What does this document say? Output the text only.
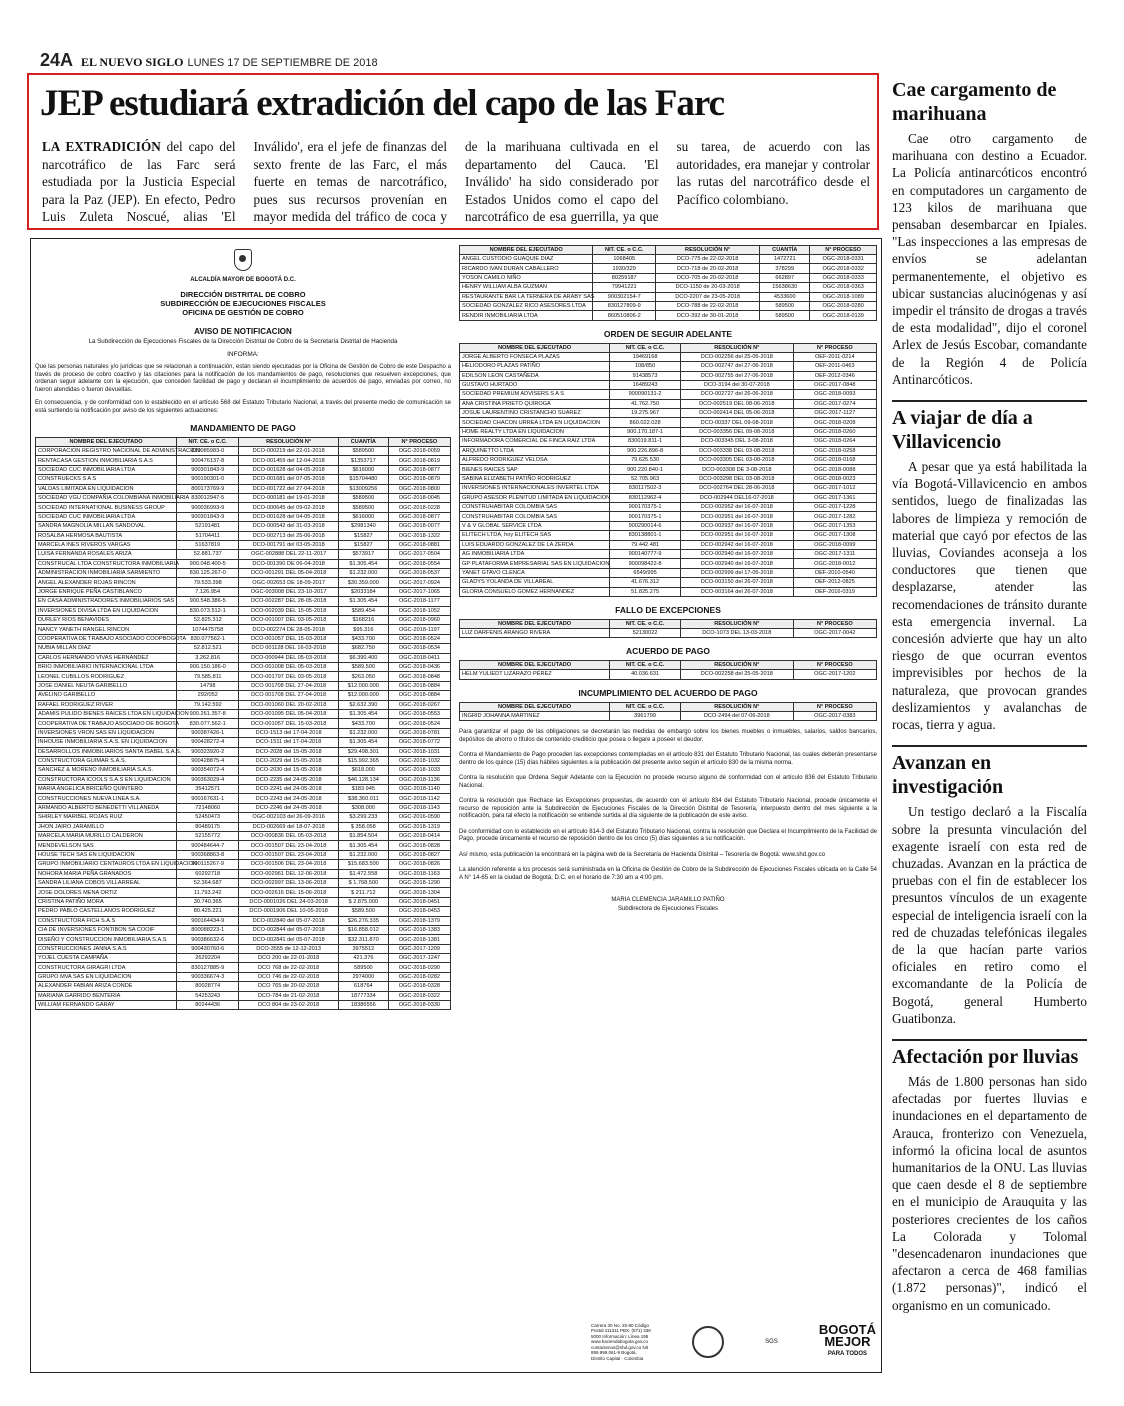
24A EL NUEVO SIGLO LUNES 17 DE SEPTIEMBRE DE 2018
JEP estudiará extradición del capo de las Farc
LA EXTRADICIÓN del capo del narcotráfico de las Farc será estudiada por la Justicia Especial para la Paz (JEP). En efecto, Pedro Luis Zuleta Noscué, alias 'El Inválido', era el jefe de finanzas del sexto frente de las Farc, el más fuerte en temas de narcotráfico, pues sus recursos provenían en mayor medida del tráfico de coca y de la marihuana cultivada en el departamento del Cauca. 'El Inválido' ha sido considerado por Estados Unidos como el capo del narcotráfico de esa guerrilla, ya que su tarea, de acuerdo con las autoridades, era manejar y controlar las rutas del narcotráfico desde el Pacífico colombiano.
Cae cargamento de marihuana

Cae otro cargamento de marihuana con destino a Ecuador. La Policía antinarcóticos encontró en computadores un cargamento de 123 kilos de marihuana que pensaban desembarcar en Ipiales. "Las inspecciones a las empresas de envíos se adelantan permanentemente, el objetivo es ubicar sustancias alucinógenas y así impedir el tránsito de drogas a través de esta modalidad", dijo el coronel Arlex de Jesús Escobar, comandante de la Región 4 de Policía Antinarcóticos.

A viajar de día a Villavicencio

A pesar que ya está habilitada la vía Bogotá-Villavicencio en ambos sentidos, luego de finalizadas las labores de limpieza y remoción de material que cayó por efectos de las lluvias, Coviandes aconseja a los conductores que tienen que desplazarse, atender las recomendaciones de tránsito durante esta emergencia invernal. La concesión advierte que hay un alto riesgo de que ocurran eventos imprevisibles por hechos de la naturaleza, que provocan grandes deslizamientos y avalanchas de rocas, tierra y agua.

Avanzan en investigación

Un testigo declaró a la Fiscalía sobre la presunta vinculación del exagente israelí con esta red de chuzadas. Avanzan en la práctica de pruebas con el fin de establecer los presuntos vínculos de un exagente especial de inteligencia israelí con la red de chuzadas telefónicas ilegales de la que hacían parte varios oficiales en retiro como el excomandante de la Policía de Bogotá, general Humberto Guatibonza.

Afectación por lluvias

Más de 1.800 personas han sido afectadas por fuertes lluvias e inundaciones en el departamento de Arauca, fronterizo con Venezuela, informó la oficina local de asuntos humanitarios de la ONU. Las lluvias que caen desde el 8 de septiembre en el municipio de Arauquita y las posteriores crecientes de los caños La Colorada y Tolomal "desencadenaron inundaciones que afectaron a cerca de 468 familias (1.872 personas)", indicó el organismo en un comunicado.

ALCALDÍA MAYOR DE BOGOTÁ D.C.
DIRECCIÓN DISTRITAL DE COBRO
SUBDIRECCIÓN DE EJECUCIONES FISCALES
OFICINA DE GESTIÓN DE COBRO
AVISO DE NOTIFICACION
La Subdirección de Ejecuciones Fiscales de la Dirección Distrital de Cobro de la Secretaría Distrital de Hacienda
INFORMA:
Que las personas naturales y/o jurídicas que se relacionan a continuación, están siendo ejecutadas por la Oficina de Gestión de Cobro de este Despacho a través de proceso de cobro coactivo y las citaciones para la notificación de los mandamientos de pago, resoluciones que resuelven excepciones, que ordenan seguir adelante con la ejecución, que conceden facilidad de pago y declaran el incumplimiento de acuerdos de pago, enviadas por correo, no fueron atendidas o fueron devueltas.
En consecuencia, y de conformidad con lo establecido en el artículo 568 del Estatuto Tributario Nacional, a través del presente medio de comunicación se está surtiendo la notificación por aviso de los siguientes actuaciones:
MANDAMIENTO DE PAGO
NOMBRE DEL EJECUTADO	NIT. CE. o C.C.	RESOLUCIÓN N°	CUANTÍA	N° PROCESO
CORPORACION REGISTRO NACIONAL DE ADMINISTRACION	830085983-0	DCO-000219 del 22-01-2018	$589500	OGC-2018-0059
RENTACASA GESTION INMOBILIARIA S.A.S	900476137-8	DCO-001459 del 12-04-2018	$1353717	OGC-2018-0819
SOCIEDAD CUC INMOBILIARIA LTDA	900301843-9	DCO-001628 del 04-05-2018	$616000	OGC-2018-0877
CONSTRUECKS S A S	900190301-0	DCO-001681 del 07-05-2018	$15704480	OGC-2018-0879
VALDAS LIMITADA EN LIQUIDACION	800173769-9	DCO-001722 del 27-04-2018	$13009256	OGC-2018-0800
SOCIEDAD VGU COMPAÑIA COLOMBIANA INMOBILIARIA	830012947-5	DCO-000181 del 19-01-2018	$589500	OGC-2018-0045
SOCIEDAD INTERNATIONAL BUSINESS GROUP	900036993-9	DCO-000645 del 09-02-2018	$589500	OGC-2018-0228
SOCIEDAD CUC INMOBILIARIA LTDA	900301843-9	DCO-001628 del 04-05-2018	$616000	OGC-2018-0877
SANDRA MAGNOLIA MILLAN SANDOVAL	52191481	DCO-000542 del 31-03-2018	$2981340	OGC-2018-0077
ROSALBA HERMOSA BAUTISTA	51704411	DCO-002713 del 25-06-2018	$15827	OGC-2018-1322
MARCELA INES RIVEROS VARGAS	51637819	DCO-001791 del 03-05-2018	$15827	OGC-2018-0881
LUISA FERNANDA ROSALES ARIZA	52.881.737	OGC-002888 DEL 22-11-2017	$573917	OGC-2017-0504
CONSTRUCAL LTDA CONSTRUCTORA INMOBILIARIA	900.048.400-5	DCO-001390 DE 06-04-2018	$1.305.454	OGC-2018-0554
ADMINISTRACION INMOBILIARIA SARMIENTO	830.125.267-0	DCO-001291 DEL 05-04-2018	$1.232.000	OGC-2018-0537
ANGEL ALEXANDER ROJAS RINCON	79.533.398	OGC-002653 DE 18-09-2017	$30.359.000	OGC-2017-0924
JORGE ENRIQUE PEÑA CASTIBLANCO	7.126.954	OGC-003008 DEL 23-10-2017	$2033184	OGC-2017-1065
EN CASA ADMINISTRADORES INMOBILIARIOS SAS	900.548.386-5	DCO-002287 DEL 28-05-2018	$1.305.454	OGC-2018-1177
INVERSIONES DIVISA LTDA EN LIQUIDACION	830.073.512-1	DCO-002039 DEL 15-05-2018	$589.454	OGC-2018-1052
DURLEY RIOS BENAVIDES	52.825.312	DCO-001007 DEL 03-05-2018	$168216	OGC-2018-0960
NANCY YANETH RANGEL RINCON	1074475758	DCO-002274 DE 28-05-2018	$95.316	OGC-2018-1197
COOPERATIVA DE TRABAJO ASOCIADO COOPBOGOTA	830.077562-1	DCO-001057 DEL 15-03-2018	$433.700	OGC-2018-0524
NUBIA MILLAN DIAZ	52.812.521	DCO 001128 DEL 16-03-2018	$682.750	OGC-2018-0534
CARLOS HERNANDO VIVAS HERNANDEZ	3.262.816	DCO-000944 DEL 05-03-2018	$6.390.400	OGC-2018-0411
BRIO INMOBILIARIO INTERNACIONAL LTDA	900.150.186-0	DCO-001008 DEL 05-03-2018	$589.500	OGC-2018-0436
LEONEL CUBILLOS RODRIGUEZ	79.585.811	DCO-001797 DEL 03-05-2018	$263.050	OGC-2018-0848
JOSE DANIEL NEUTA GARIBELLO	14798	DCO 001708 DEL 27-04-2018	$12.000.000	OGC-2018-0884
AVELINO GARIBELLO	292/052	DCO 001708 DEL 27-04-2018	$12.000.000	OGC-2018-0884
RAFAEL RODRIGUEZ RIVER	79.142.592	DCO-001060 DEL 20-02-2018	$2.632.390	OGC-2018-0267
ADAMIS PULIDO BIENES RAICES LTDA EN LIQUIDACION	900.261.357-8	DCO-001095 DEL 05-04-2018	$1.305.454	OGC-2018-0553
COOPERATIVA DE TRABAJO ASOCIADO DE BOGOTA	830.077.562-1	DCO-001057 DEL 15-03-2018	$433.700	OGC-2018-0524
INVERSIONES VRON SAS EN LIQUIDACION	900387426-1	DCO-1513 del 17-04-2018	$1.232.000	OGC-2018-0781
INHOUSE INMOBILIARIA S.A.S. EN LIQUIDACION	900428272-4	DCO-1511 del 17-04-2018	$1.305.454	OGC-2018-0772
DESARROLLOS INMOBILIARIOS SANTA ISABEL S.A.S.	900323920-2	DCO-2028 del 15-05-2018	$29.498.301	OGC-2018-1031
CONSTRUCTORA GUIMAR S.A.S.	900428875-4	DCO-2029 del 15-05-2018	$15.992.365	OGC-2018-1032
SANCHEZ & MORENO INMOBILIARIA S.A.S.	900354072-4	DCO-2030 del 15-05-2018	$618.000	OGC-2018-1033
CONSTRUCTORA ICOOLS S.A.S EN LIQUIDACION	900363029-4	DCO-2235 del 24-05-2018	$46.128.134	OGC-2018-1136
MARIA ANGELICA BRICEÑO QUINTERO	35412571	DCO-2241 del 24-05-2018	$183.945	OGC-2018-1140
CONSTRUCCIONES NUEVA LINEA S.A.	900167631-1	DCO-2243 del 24-05-2018	$38.360.011	OGC-2018-1142
ARMANDO ALBERTO BENEDETTI VILLANEDA	72148060	DCO-2246 del 24-05-2018	$308.000	OGC-2018-1143
SHIRLEY MARIBEL ROJAS RUIZ	52450473	OGC-002103 del 26-09-2016	$3.299.233	OGC-2016-0590
JHON JAIRO JARAMILLO	80489175	DCO-002669 del 18-07-2018	$ 358.058	OGC-2018-1319
MARCELA MARIA MURILLO CALDERON	52155772	DCO-000836 DEL 05-03-2018	$1.854.504	OGC-2018-0414
MENDEVELSON SAS	900484644-7	DCO-001507 DEL 23-04-2018	$1.305.454	OGC-2018-0828
HOUSE TECH SAS EN LIQUIDACION	900368863-8	DCO-001507 DEL 23-04-2018	$1.232.000	OGC-2018-0827
GRUPO INMOBILIARIO CENTAUROS LTDA EN LIQUIDACION	900115267-9	DCO-001506 DEL 23-04-2018	$15.683.500	OGC-2018-0826
NOHORA MARIA PEÑA GRANADOS	60292718	DCO-002961 DEL 12-06-2018	$1.472.558	OGC-2018-1163
SANDRA LILIANA COBOS VILLARREAL	52.364.687	DCO-002997 DEL 13-06-2018	$ 1.768.500	OGC-2018-1290
JOSE DOLORES MENA ORTIZ	11.793.242	DCO-002616 DEL 15-06-2018	$ 211.712	OGC-2018-1304
CRISTINA PATIÑO MORA	30.740.365	DCO-0001026 DEL 24-03-2018	$ 2.875.000	OGC-2018-0451
PEDRO PABLO CASTELLANOS RODRIGUEZ	80.425.221	DCO-0001906 DEL 10-05-2018	$589.500	OGC-2018-0453
CONSTRUCTORA FICH S.A.S	900164434-9	DCO-002840 del 05-07-2018	$26.276.335	OGC-2018-1379
CIA DE INVERSIONES FONTIBON SA COOIF	800088223-1	DCO-002844 del 05-07-2018	$16.858.012	OGC-2018-1383
DISEÑO Y CONSTRUCCION INMOBILIARIA S.A.S	900386632-6	DCO-002841 del 05-07-2018	$32.311.870	OGC-2018-1381
CONSTRUCCIONES JANNA S.A.S	900430760-6	DCO-3555 de 12-12-2013	3975512	OGC-2017-1209
YOJEL CUESTA CAMPAÑA	26292204	DCO 200 de 22-01-2018	421.376	OGC-2017-1247
CONSTRUCTORA GIRAGRI LTDA	830127885-9	DCO 768 de 22-02-2018	589500	OGC-2018-0290
GRUPO MVA SAS EN LIQUIDACION	900336674-3	DCO 746 de 22-02-2018	2974000	OGC-2018-0282
ALEXANDER FABIAN ARIZA CONDE	80028774	DCO 765 de 20-02-2018	618764	OGC-2018-0328
MARIANA GARRIDO BENTERIA	54253243	DCO-784 de 21-02-2018	18777334	OGC-2018-0322
WILLIAM FERNANDO GARAY	80244436	DCO 804 de 23-02-2018	18386556	OGC-2018-0330
NOMBRE DEL EJECUTADO	NIT. CE. o C.C.	RESOLUCIÓN N°	CUANTÍA	N° PROCESO
ANGEL CUSTODIO GUAQUIE DIAZ	1068405	DCO-775 de 22-02-2018	1472721	OGC-2018-0331
RICARDO IVAN DURAN CABALLERO	1930/329	DCO-718 de 20-02-2018	378299	OGC-2018-0332
YOSON CAMILO NIÑO	80259187	DCO-705 de 20-02-2018	662897	OGC-2018-0333
HENRY WILLIAM ALBA GUZMAN	79941221	DCO-1150 de 20-03-2018	15638630	OGC-2018-0363
RESTAURANTE BAR LA TERNERA DE ARABY SAS	900302154-7	DCO-2207 de 23-05-2018	4533600	OGC-2018-1089
SOCIEDAD GONZALEZ RICO ASESORES LTDA	830127809-9	DCO-788 de 22-02-2018	589500	OGC-2018-0280
RENDIR INMOBILIARIA LTDA	860510806-2	DCO-392 de 30-01-2018	589500	OGC-2018-0139
ORDEN DE SEGUIR ADELANTE
NOMBRE DEL EJECUTADO	NIT. CE. o C.C.	RESOLUCIÓN N°	N° PROCESO
JORGE ALBERTO FONSECA PLAZAS	19469168	DCO-002256 del 25-05-2018	OEF-2011-0214
HELIODORO PLAZAS PATIÑO	108/850	DCO-002747 del 27-06-2018	OEF-2011-0463
EDILSON LEON CASTAÑEDA	91438573	DCO-002755 del 27-06-2018	OEF-2012-0346
GUSTAVO HURTADO	16489243	DCO-3194 del 30-07-2018	OGC-2017-0848
SOCIEDAD PREMIUM ADVISERS S A S	900090131-2	DCO-002727 del 26-06-2018	OGC-2018-0093
ANA CRISTINA PRIETO QUIROGA	41.762.750	DCO-002519 DEL 08-06-2018	OGC-2017-0274
JOSUE LAURENTINO CRISTANCHO SUAREZ	19.275.967	DCO-002414 DEL 05-06-2018	OGC-2017-1127
SOCIEDAD CHACON URREA LTDA EN LIQUIDACION	860.022.028	DCO-00337 DEL 09-08-2018	OGC-2018-0208
HOME REALTY LTDA EN LIQUIDACION	900.170.187-1	DCO-003356 DEL 09-08-2018	OGC-2018-0260
INFORMADORA COMERCIAL DE FINCA RAIZ LTDA	830019.811-1	DCO-003345 DEL 3-08-2018	OGC-2018-0264
ARQUINETTO LTDA	900.226.896-8	DCO-003338 DEL 03-08-2018	OGC-2018-0258
ALFREDO RODRIGUEZ VELOSA	79.625.530	DCO-003305 DEL 03-08-2018	OGC-2018-0168
BIENES RAICES SAP	900.220.840-1	DCO-003308 DE 3-08-2018	OGC-2018-0088
SABINA ELIZABETH PATIÑO RODRIGUEZ	52.705.963	DCO-003298 DEL 03-08-2018	OGC-2018-0023
INVERSIONES INTERNACIONALES INVERTEL LTDA	830117502-3	DCO-002764 DEL 28-06-2018	OGC-2017-1012
GRUPO ASESOR PLENITUD LIMITADA EN LIQUIDACION	830112962-4	DCO-002944 DEL16-07-2018	OGC-2017-1361
CONSTRUHABITAR COLOMBIA SAS	900170375-1	DCO-002952 del 16-07-2018	OGC-2017-1228
CONSTRUHABITAR COLOMBIA SAS	900170375-1	DCO-002951 del 16-07-2018	OGC-2017-1282
V & V GLOBAL SERVICE LTDA	900290014-6	DCO-002937 del 16-07-2018	OGC-2017-1353
ELITECH LTDA, hoy ELITECH SAS	830138801-1	DCO-002951 del 16-07-2018	OGC-2017-1308
LUIS EDUARDO GONZALEZ DE LA ZERDA	79.442.481	DCO-002942 del 16-07-2018	OGC-2018-0099
AG INMOBILIARIA LTDA	900140777-9	DCO-002940 del 16-07-2018	OGC-2017-1311
GP PLATAFORMA EMPRESARIAL SAS EN LIQUIDACION	900098422-8	DCO-002940 del 16-07-2018	OGC-2018-0012
YANET GTAVO CLENCA	6549/995	DCO-002999 del 17-05-2018	OEF-2010-0540
GLADYS YOLANDA DE VILLAREAL	41.676.312	DCO-003150 del 26-07-2018	OEF-2012-0825
GLORIA CONSUELO GOMEZ HERNANDEZ	51.825.275	DCO-003164 del 26-07-2018	OEF-2016-0319
FALLO DE EXCEPCIONES
NOMBRE DEL EJECUTADO	NIT. CE. o C.C.	RESOLUCIÓN N°	N° PROCESO
LUZ DARFENIS ARANGO RIVERA	52130022	DCO-1073 DEL 13-03-2018	OGC-2017-0042
ACUERDO DE PAGO
NOMBRE DEL EJECUTADO	NIT. CE. o C.C.	RESOLUCIÓN N°	N° PROCESO
HELM YULIEDT LIZARAZO PÉREZ	40.036.631	DCO-002258 del 25-05-2018	OGC-2017-1202
INCUMPLIMIENTO DEL ACUERDO DE PAGO
NOMBRE DEL EJECUTADO	NIT. CE. o C.C.	RESOLUCIÓN N°	N° PROCESO
INGRID JOHANNA MARTINEZ	3961799	DCO-2494 del 07-06-2018	OGC-2017-0383

Para garantizar el pago de las obligaciones se decretarán las medidas de embargo sobre los bienes muebles o inmuebles, salarios, saldos bancarios, depósitos de ahorro o títulos de contenido crediticio que posea o llegare a poseer el deudor.

Contra el Mandamiento de Pago proceden las excepciones contempladas en el artículo 831 del Estatuto Tributario Nacional, las cuales deberán presentarse dentro de los quince (15) días hábiles siguientes a la publicación del presente aviso según el artículo 830 de la misma norma.

Contra la resolución que Ordena Seguir Adelante con la Ejecución no procede recurso alguno de conformidad con el artículo 836 del Estatuto Tributario Nacional.

Contra la resolución que Rechace las Excepciones propuestas, de acuerdo con el artículo 834 del Estatuto Tributario Nacional, procede únicamente el recurso de reposición ante la Subdirección de Ejecuciones Fiscales de la Dirección Distrital de Tesorería, interpuesto dentro del mes siguiente a la notificación, para tal efecto la notificación se entiende surtida al día siguiente de la publicación de este aviso.

De conformidad con lo establecido en el artículo 814-3 del Estatuto Tributario Nacional, contra la resolución que Declara el Incumplimiento de la Facilidad de Pago, procede únicamente el recurso de reposición dentro de los cinco (5) días siguientes a su notificación.

Así mismo, esta publicación la encontrará en la página web de la Secretaría de Hacienda Distrital – Tesorería de Bogotá: www.shd.gov.co

La atención referente a los procesos será suministrada en la Oficina de Gestión de Cobro de la Subdirección de Ejecuciones Fiscales ubicada en la Calle 54 A N° 14-65 en la ciudad de Bogotá, D.C. en el horario de 7:30 am a 4:00 pm.

MARIA CLEMENCIA JARAMILLO PATIÑO
Subdirectora de Ejecuciones Fiscales
Carrera 30 No. 25-90 Código Postal 111311 PBX: (571) 338 5000 Información: Línea 195 www.haciendabogota.gov.co contactenos@shd.gov.co Nit 899.999.061-9 Bogotá, Distrito Capital - Colombia
SGS
BOGOTÁ
MEJOR
PARA TODOS
